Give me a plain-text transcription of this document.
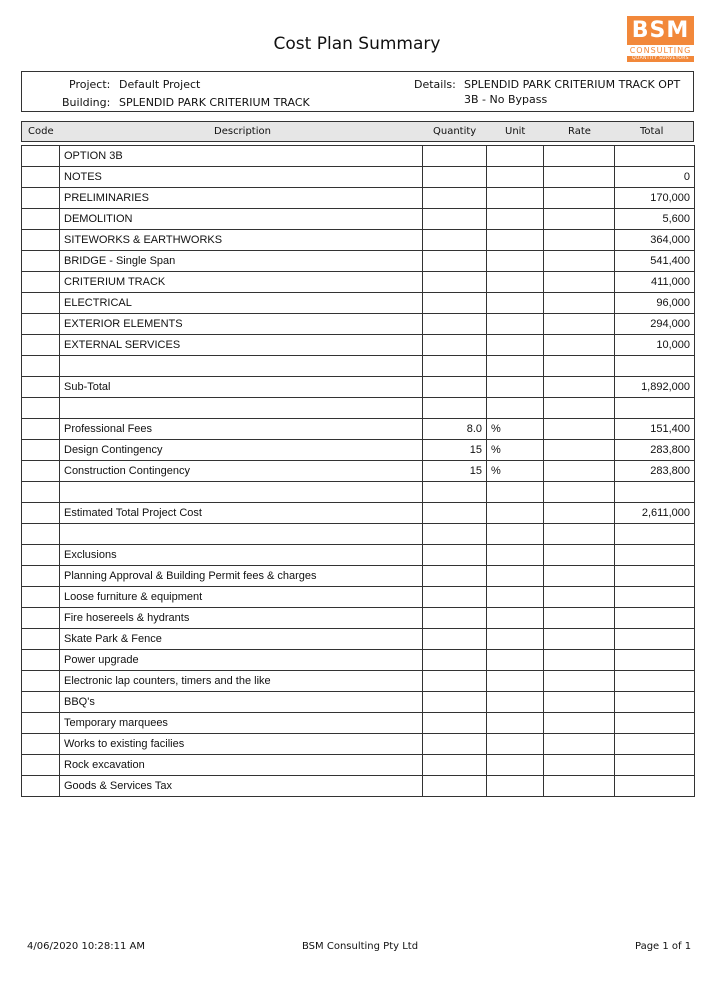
Cost Plan Summary
BSM
CONSULTING
QUANTITY SURVEYORS
Project: Default Project
Building: SPLENDID PARK CRITERIUM TRACK
Details: SPLENDID PARK CRITERIUM TRACK OPT
3B - No Bypass
Code	Description	Quantity	Unit	Rate	Total
	OPTION 3B				
	NOTES				0
	PRELIMINARIES				170,000
	DEMOLITION				5,600
	SITEWORKS & EARTHWORKS				364,000
	BRIDGE - Single Span				541,400
	CRITERIUM TRACK				411,000
	ELECTRICAL				96,000
	EXTERIOR ELEMENTS				294,000
	EXTERNAL SERVICES				10,000

	Sub-Total				1,892,000

	Professional Fees	8.0	%		151,400
	Design Contingency	15	%		283,800
	Construction Contingency	15	%		283,800

	Estimated Total Project Cost				2,611,000

	Exclusions				
	Planning Approval & Building Permit fees & charges				
	Loose furniture & equipment				
	Fire hosereels & hydrants				
	Skate Park & Fence				
	Power upgrade				
	Electronic lap counters, timers and the like				
	BBQ's				
	Temporary marquees				
	Works to existing facilies				
	Rock excavation				
	Goods & Services Tax				
4/06/2020 10:28:11 AM	BSM Consulting Pty Ltd	Page 1 of 1
